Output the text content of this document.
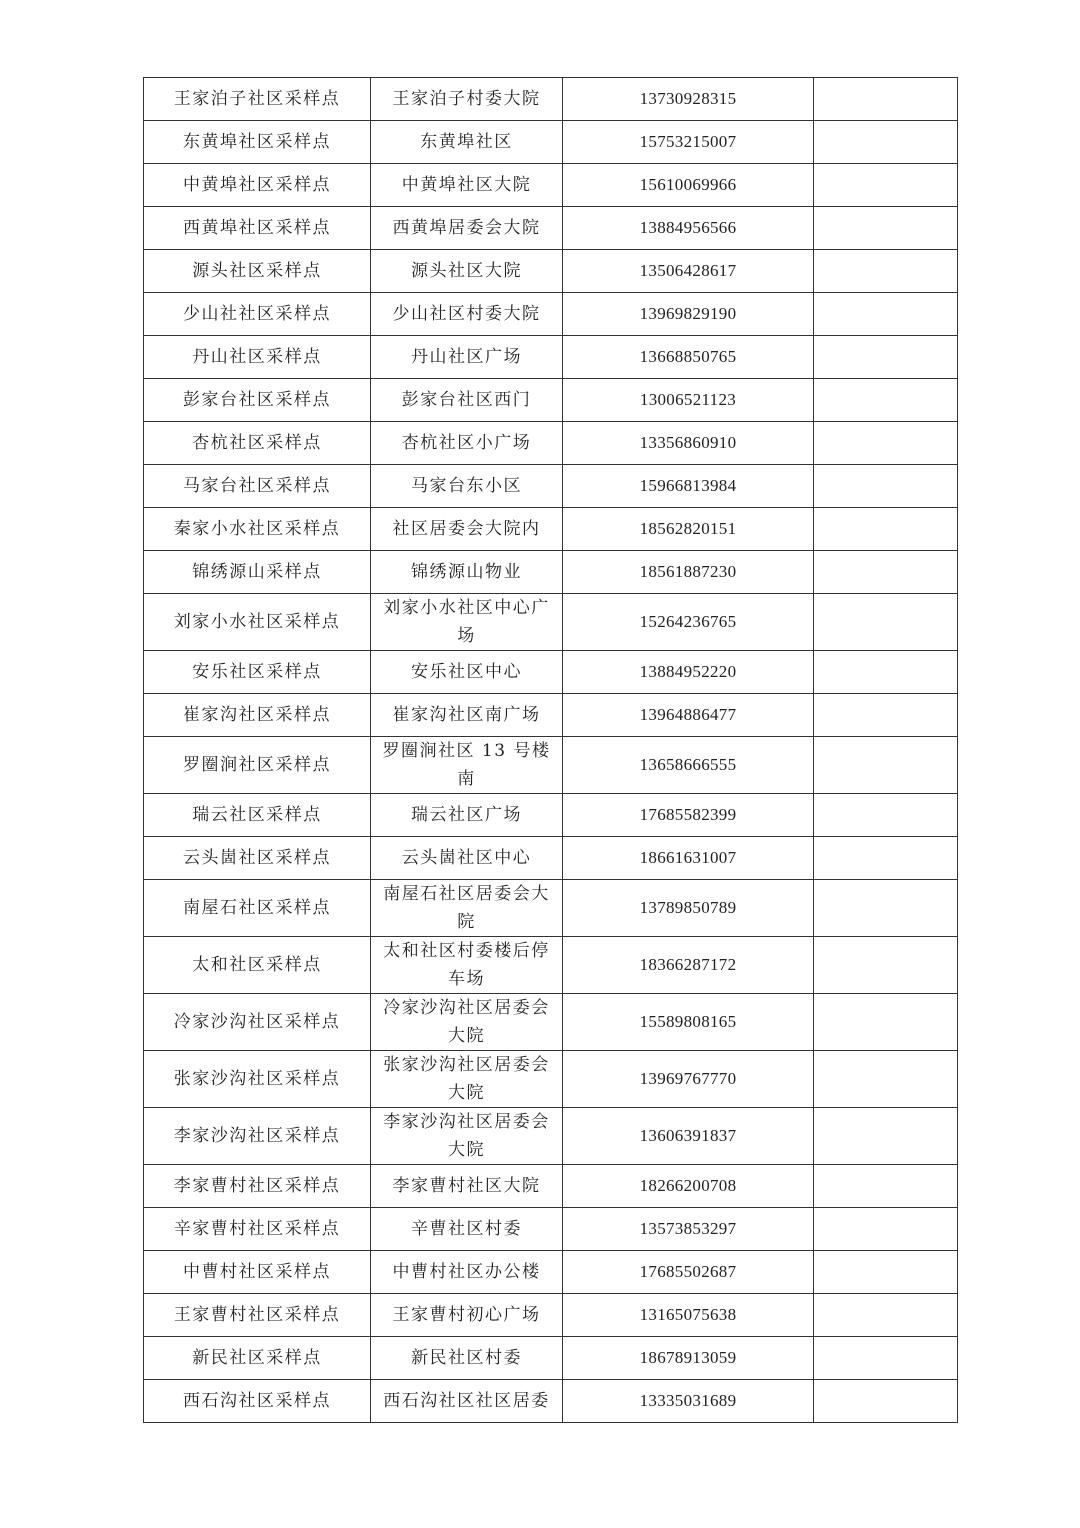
王家泊子社区采样点	王家泊子村委大院	13730928315	
东黄埠社区采样点	东黄埠社区	15753215007	
中黄埠社区采样点	中黄埠社区大院	15610069966	
西黄埠社区采样点	西黄埠居委会大院	13884956566	
源头社区采样点	源头社区大院	13506428617	
少山社社区采样点	少山社区村委大院	13969829190	
丹山社区采样点	丹山社区广场	13668850765	
彭家台社区采样点	彭家台社区西门	13006521123	
杏杭社区采样点	杏杭社区小广场	13356860910	
马家台社区采样点	马家台东小区	15966813984	
秦家小水社区采样点	社区居委会大院内	18562820151	
锦绣源山采样点	锦绣源山物业	18561887230	
刘家小水社区采样点	刘家小水社区中心广场	15264236765	
安乐社区采样点	安乐社区中心	13884952220	
崔家沟社区采样点	崔家沟社区南广场	13964886477	
罗圈涧社区采样点	罗圈涧社区 13 号楼南	13658666555	
瑞云社区采样点	瑞云社区广场	17685582399	
云头崮社区采样点	云头崮社区中心	18661631007	
南屋石社区采样点	南屋石社区居委会大院	13789850789	
太和社区采样点	太和社区村委楼后停车场	18366287172	
冷家沙沟社区采样点	冷家沙沟社区居委会大院	15589808165	
张家沙沟社区采样点	张家沙沟社区居委会大院	13969767770	
李家沙沟社区采样点	李家沙沟社区居委会大院	13606391837	
李家曹村社区采样点	李家曹村社区大院	18266200708	
辛家曹村社区采样点	辛曹社区村委	13573853297	
中曹村社区采样点	中曹村社区办公楼	17685502687	
王家曹村社区采样点	王家曹村初心广场	13165075638	
新民社区采样点	新民社区村委	18678913059	
西石沟社区采样点	西石沟社区社区居委	13335031689	
